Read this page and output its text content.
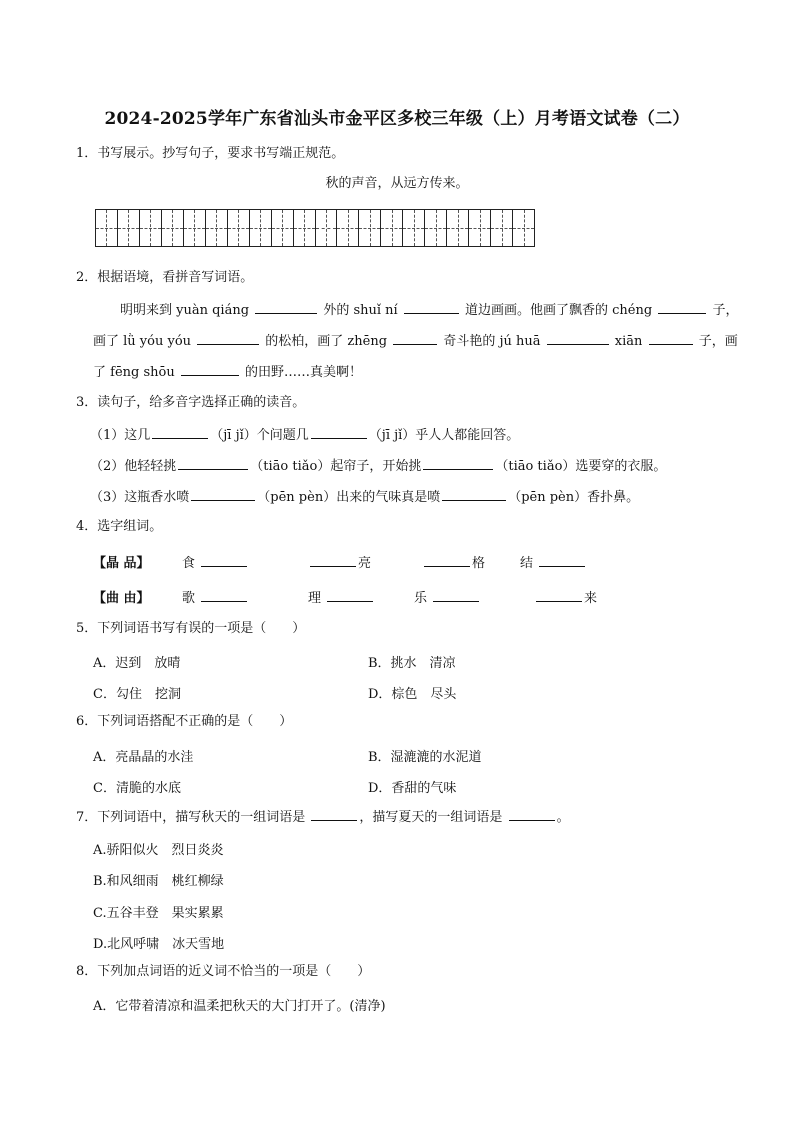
2024-2025学年广东省汕头市金平区多校三年级（上）月考语文试卷（二）
1．书写展示。抄写句子，要求书写端正规范。
秋的声音，从远方传来。
2．根据语境，看拼音写词语。
明明来到 yuàn qiáng	外的 shuǐ ní	道边画画。他画了飘香的 chéng	子，
画了 lǜ yóu yóu	的松柏，画了 zhēng	奇斗艳的 jú huā	xiān	子，画
了 fēng shōu	的田野……真美啊！
3．读句子，给多音字选择正确的读音。
（1）这几	（jī jǐ）个问题几	（jī jǐ）乎人人都能回答。
（2）他轻轻挑	（tiāo tiǎo）起帘子，开始挑	（tiāo tiǎo）选要穿的衣服。
（3）这瓶香水喷	（pēn pèn）出来的气味真是喷	（pēn pèn）香扑鼻。
4．选字组词。
【晶 品】 食	亮	格	结
【曲 由】 歌	理	乐	来
5．下列词语书写有误的一项是（　　）
A．迟到　放晴	B．挑水　清凉
C．勾住　挖洞	D．棕色　尽头
6．下列词语搭配不正确的是（　　）
A．亮晶晶的水洼	B．湿漉漉的水泥道
C．清脆的水底	D．香甜的气味
7．下列词语中，描写秋天的一组词语是	，描写夏天的一组词语是	。
A.骄阳似火　烈日炎炎
B.和风细雨　桃红柳绿
C.五谷丰登　果实累累
D.北风呼啸　冰天雪地
8．下列加点词语的近义词不恰当的一项是（　　）
A．它带着清凉和温柔把秋天的大门打开了。(清净)
